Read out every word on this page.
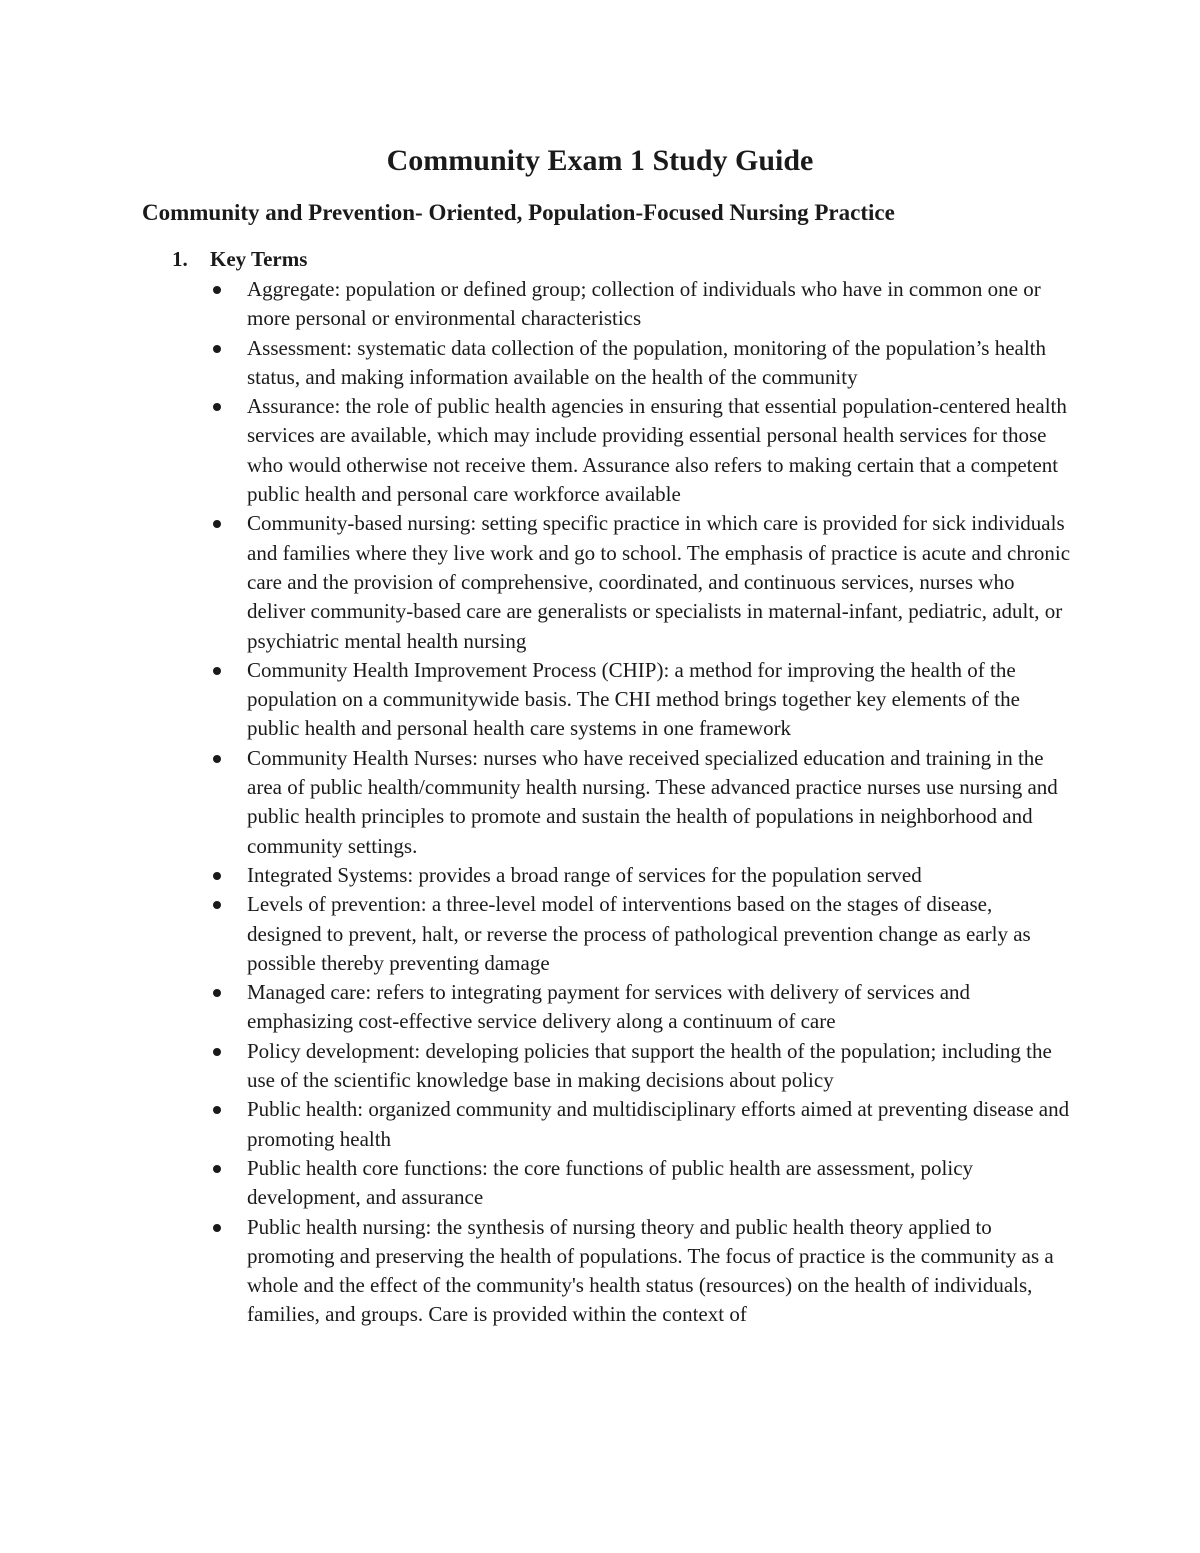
Community Exam 1 Study Guide
Community and Prevention- Oriented, Population-Focused Nursing Practice
1. Key Terms
Aggregate: population or defined group; collection of individuals who have in common one or more personal or environmental characteristics
Assessment: systematic data collection of the population, monitoring of the population’s health status, and making information available on the health of the community
Assurance: the role of public health agencies in ensuring that essential population-centered health services are available, which may include providing essential personal health services for those who would otherwise not receive them. Assurance also refers to making certain that a competent public health and personal care workforce available
Community-based nursing: setting specific practice in which care is provided for sick individuals and families where they live work and go to school. The emphasis of practice is acute and chronic care and the provision of comprehensive, coordinated, and continuous services, nurses who deliver community-based care are generalists or specialists in maternal-infant, pediatric, adult, or psychiatric mental health nursing
Community Health Improvement Process (CHIP): a method for improving the health of the population on a communitywide basis. The CHI method brings together key elements of the public health and personal health care systems in one framework
Community Health Nurses: nurses who have received specialized education and training in the area of public health/community health nursing. These advanced practice nurses use nursing and public health principles to promote and sustain the health of populations in neighborhood and community settings.
Integrated Systems: provides a broad range of services for the population served
Levels of prevention: a three-level model of interventions based on the stages of disease, designed to prevent, halt, or reverse the process of pathological prevention change as early as possible thereby preventing damage
Managed care: refers to integrating payment for services with delivery of services and emphasizing cost-effective service delivery along a continuum of care
Policy development: developing policies that support the health of the population; including the use of the scientific knowledge base in making decisions about policy
Public health: organized community and multidisciplinary efforts aimed at preventing disease and promoting health
Public health core functions: the core functions of public health are assessment, policy development, and assurance
Public health nursing: the synthesis of nursing theory and public health theory applied to promoting and preserving the health of populations. The focus of practice is the community as a whole and the effect of the community's health status (resources) on the health of individuals, families, and groups. Care is provided within the context of
